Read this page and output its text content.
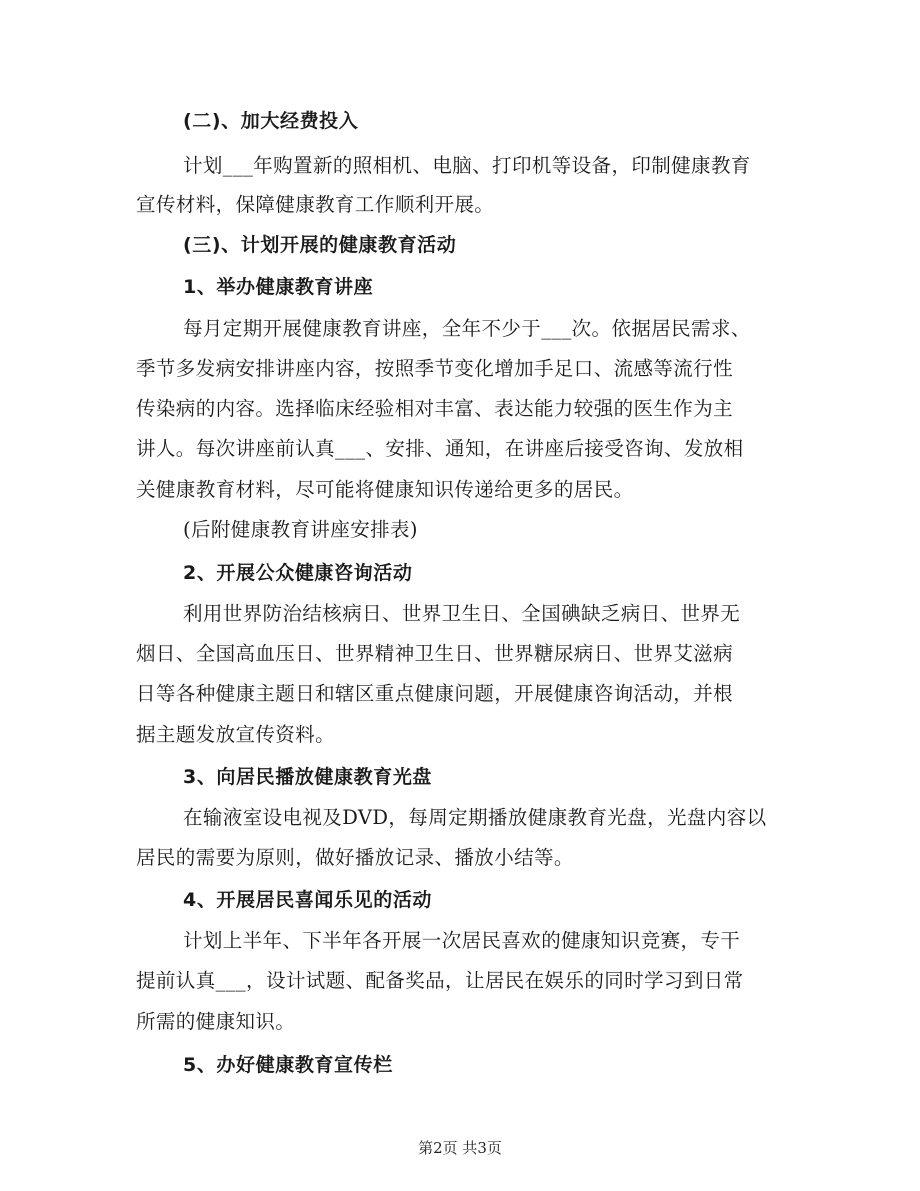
(二)、加大经费投入
计划___年购置新的照相机、电脑、打印机等设备，印制健康教育
宣传材料，保障健康教育工作顺利开展。
(三)、计划开展的健康教育活动
1、举办健康教育讲座
每月定期开展健康教育讲座，全年不少于___次。依据居民需求、
季节多发病安排讲座内容，按照季节变化增加手足口、流感等流行性
传染病的内容。选择临床经验相对丰富、表达能力较强的医生作为主
讲人。每次讲座前认真___、安排、通知，在讲座后接受咨询、发放相
关健康教育材料，尽可能将健康知识传递给更多的居民。
(后附健康教育讲座安排表)
2、开展公众健康咨询活动
利用世界防治结核病日、世界卫生日、全国碘缺乏病日、世界无
烟日、全国高血压日、世界精神卫生日、世界糖尿病日、世界艾滋病
日等各种健康主题日和辖区重点健康问题，开展健康咨询活动，并根
据主题发放宣传资料。
3、向居民播放健康教育光盘
在输液室设电视及DVD，每周定期播放健康教育光盘，光盘内容以
居民的需要为原则，做好播放记录、播放小结等。
4、开展居民喜闻乐见的活动
计划上半年、下半年各开展一次居民喜欢的健康知识竞赛，专干
提前认真___，设计试题、配备奖品，让居民在娱乐的同时学习到日常
所需的健康知识。
5、办好健康教育宣传栏
第2页 共3页
